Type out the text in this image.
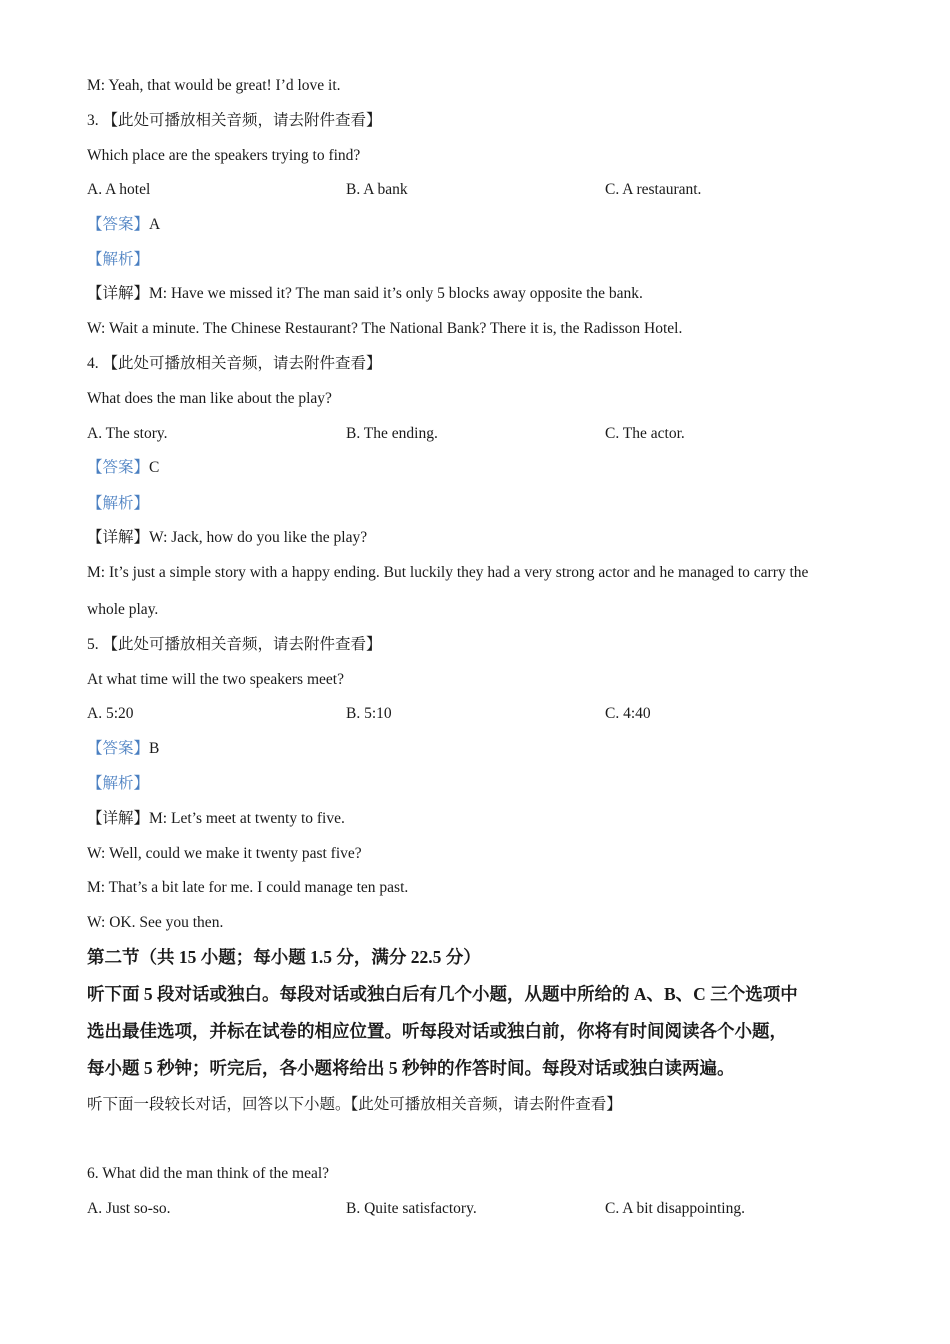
M: Yeah, that would be great! I’d love it.
3. 【此处可播放相关音频，请去附件查看】
Which place are the speakers trying to find?
A. A hotel	B. A bank	C. A restaurant.
【答案】A
【解析】
【详解】M: Have we missed it? The man said it’s only 5 blocks away opposite the bank.
W: Wait a minute. The Chinese Restaurant? The National Bank? There it is, the Radisson Hotel.
4. 【此处可播放相关音频，请去附件查看】
What does the man like about the play?
A. The story.	B. The ending.	C. The actor.
【答案】C
【解析】
【详解】W: Jack, how do you like the play?
M: It’s just a simple story with a happy ending. But luckily they had a very strong actor and he managed to carry the
whole play.
5. 【此处可播放相关音频，请去附件查看】
At what time will the two speakers meet?
A. 5:20	B. 5:10	C. 4:40
【答案】B
【解析】
【详解】M: Let’s meet at twenty to five.
W: Well, could we make it twenty past five?
M: That’s a bit late for me. I could manage ten past.
W: OK. See you then.
第二节（共 15 小题；每小题 1.5 分，满分 22.5 分）
听下面 5 段对话或独白。每段对话或独白后有几个小题，从题中所给的 A、B、C 三个选项中
选出最佳选项，并标在试卷的相应位置。听每段对话或独白前，你将有时间阅读各个小题，
每小题 5 秒钟；听完后，各小题将给出 5 秒钟的作答时间。每段对话或独白读两遍。
听下面一段较长对话，回答以下小题。【此处可播放相关音频，请去附件查看】
6. What did the man think of the meal?
A. Just so-so.	B. Quite satisfactory.	C. A bit disappointing.
